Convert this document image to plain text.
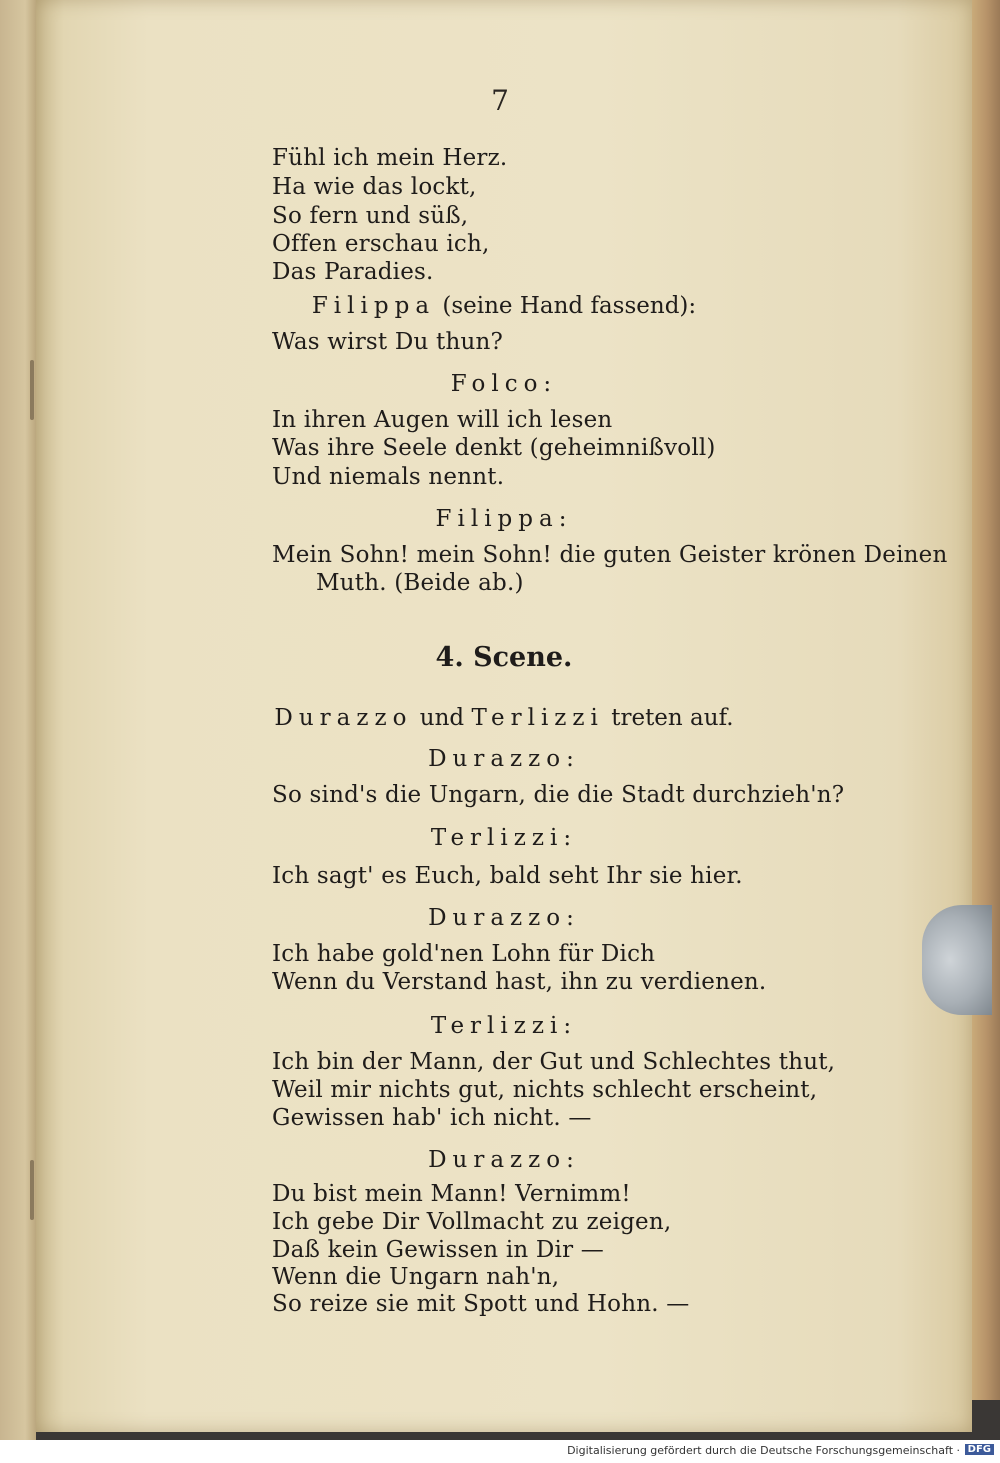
7
Fühl ich mein Herz.
Ha wie das lockt,
So fern und süß,
Offen erschau ich,
Das Paradies.
Filippa (seine Hand fassend):
Was wirst Du thun?
Folco:
In ihren Augen will ich lesen
Was ihre Seele denkt (geheimnißvoll)
Und niemals nennt.
Filippa:
Mein Sohn! mein Sohn! die guten Geister krönen Deinen
Muth. (Beide ab.)
4. Scene.
Durazzo und Terlizzi treten auf.
Durazzo:
So sind's die Ungarn, die die Stadt durchzieh'n?
Terlizzi:
Ich sagt' es Euch, bald seht Ihr sie hier.
Durazzo:
Ich habe gold'nen Lohn für Dich
Wenn du Verstand hast, ihn zu verdienen.
Terlizzi:
Ich bin der Mann, der Gut und Schlechtes thut,
Weil mir nichts gut, nichts schlecht erscheint,
Gewissen hab' ich nicht. —
Durazzo:
Du bist mein Mann! Vernimm!
Ich gebe Dir Vollmacht zu zeigen,
Daß kein Gewissen in Dir —
Wenn die Ungarn nah'n,
So reize sie mit Spott und Hohn. —
Digitalisierung gefördert durch die Deutsche Forschungsgemeinschaft · DFG
